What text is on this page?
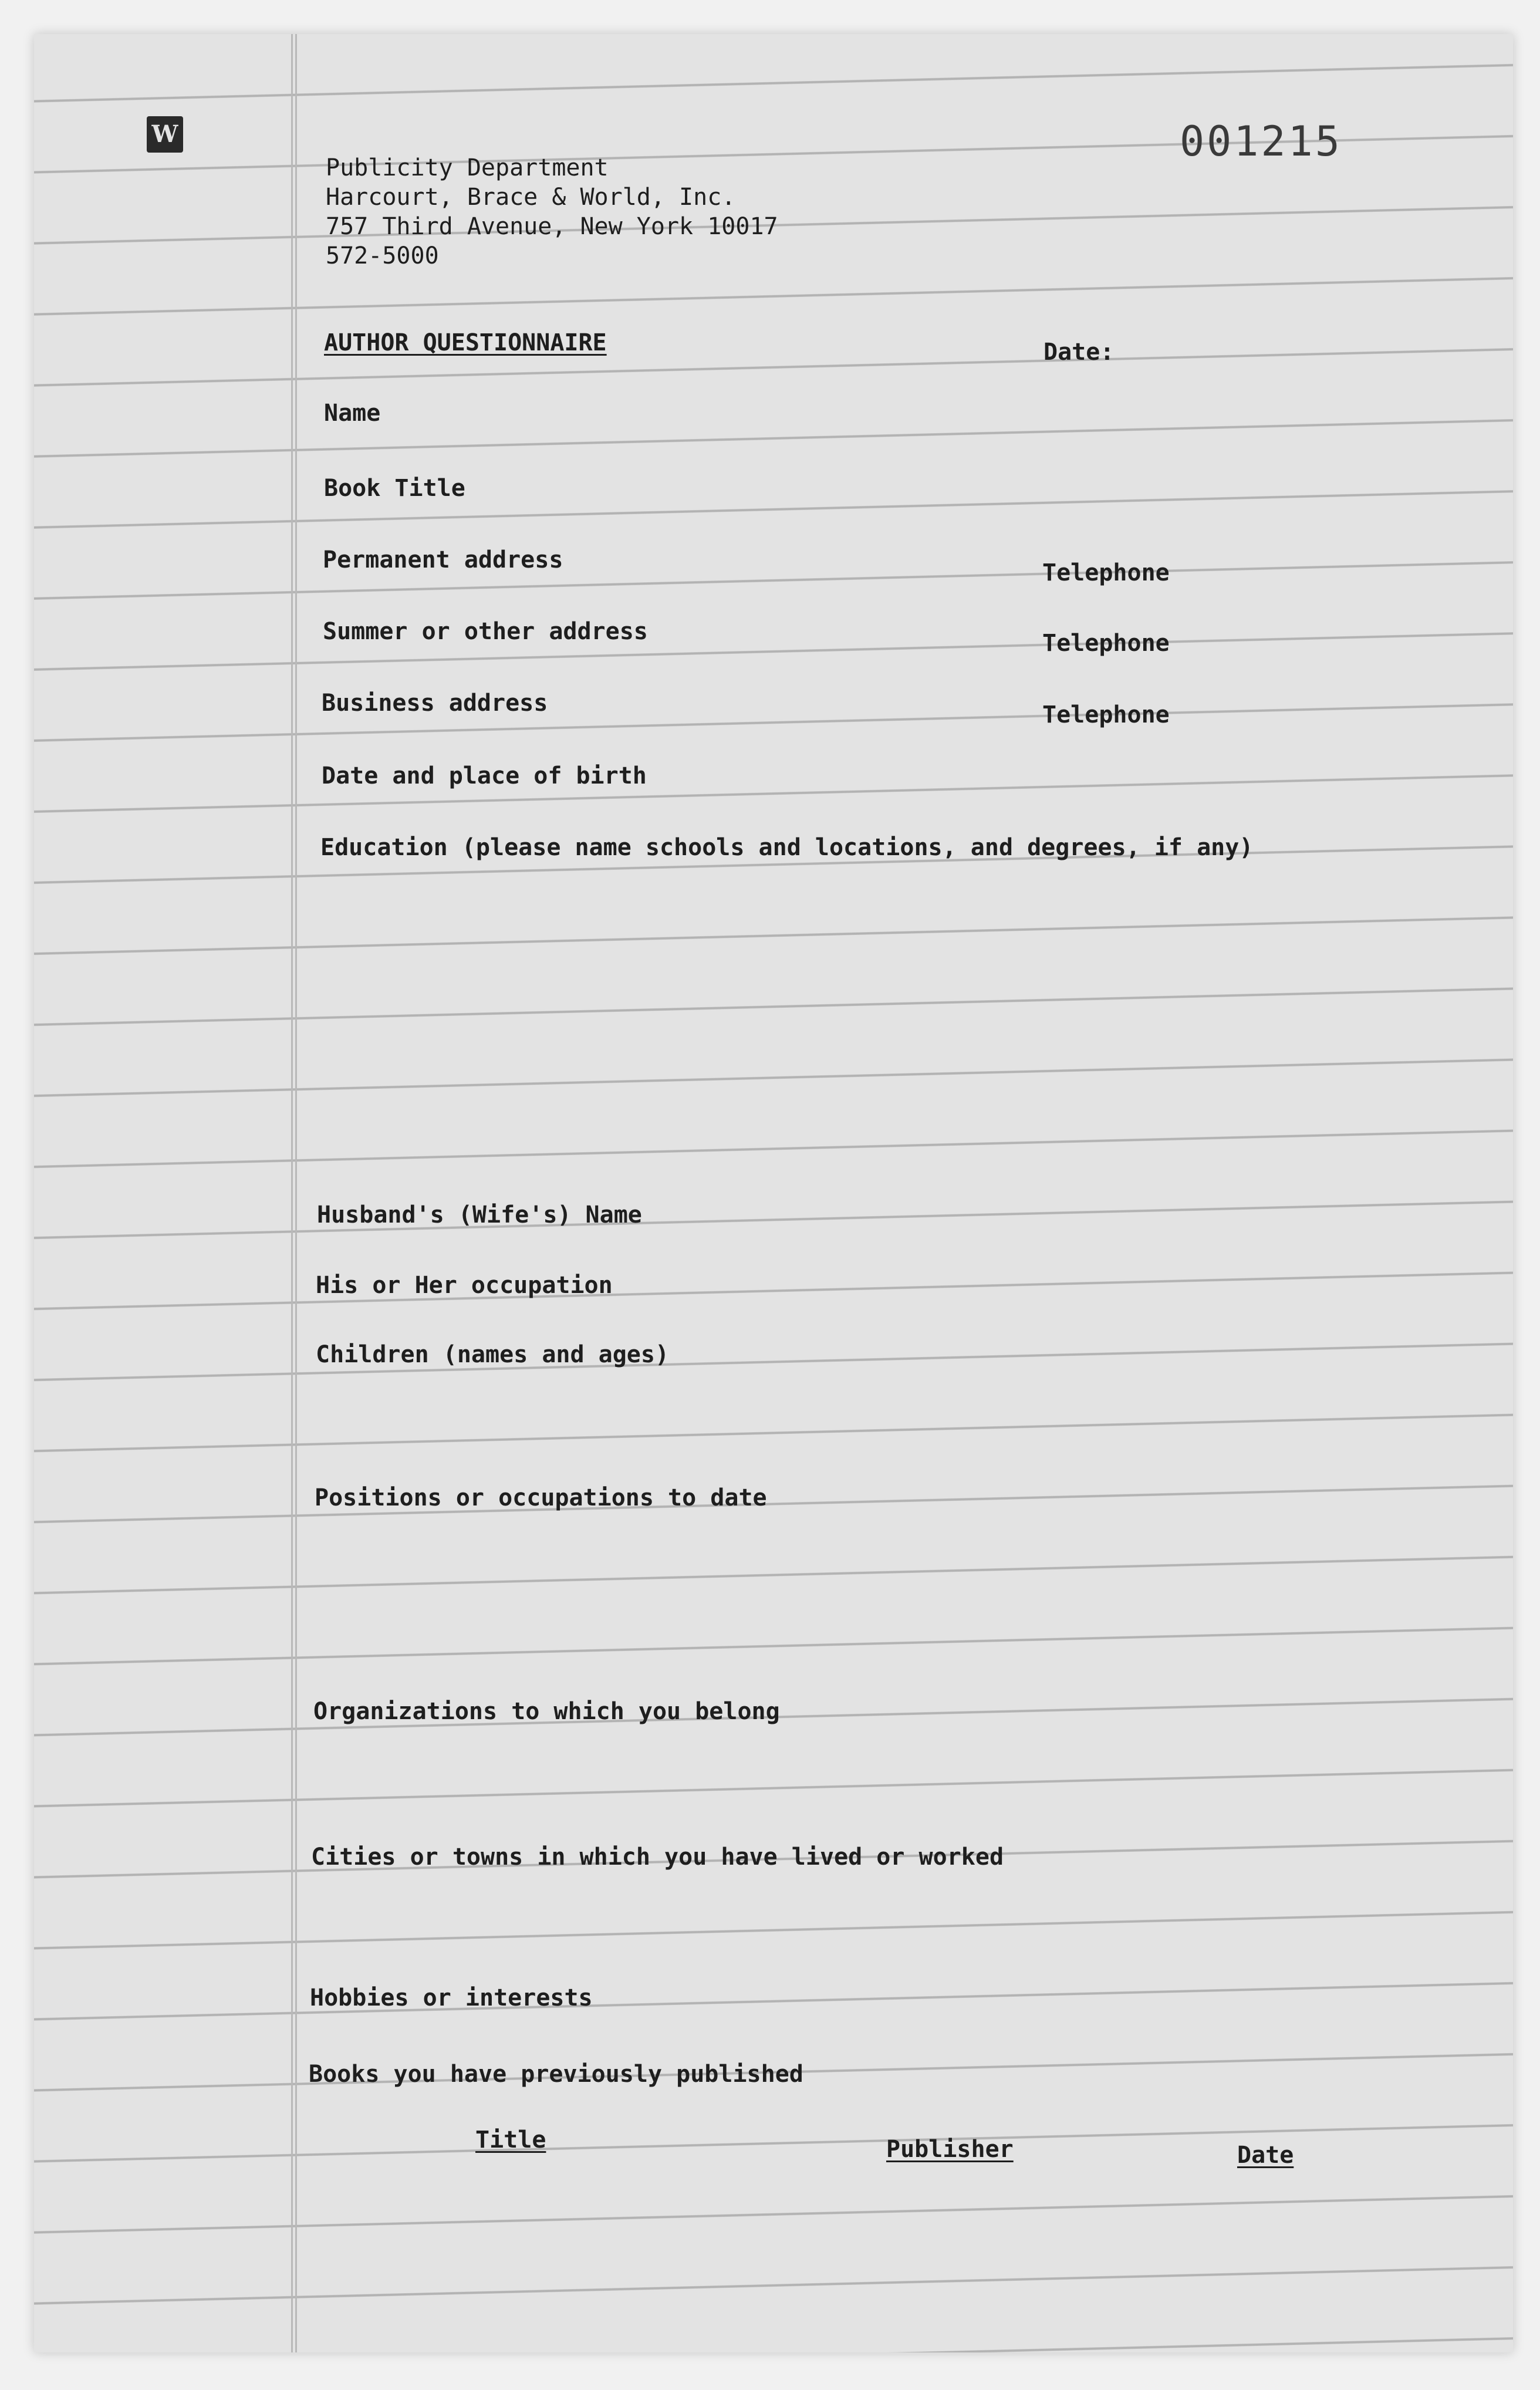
W
Publicity Department
Harcourt, Brace & World, Inc.
757 Third Avenue, New York 10017
572-5000
001215
AUTHOR QUESTIONNAIRE	Date:
Name
Book Title
Permanent address	Telephone
Summer or other address	Telephone
Business address	Telephone
Date and place of birth
Education (please name schools and locations, and degrees, if any)
Husband's (Wife's) Name
His or Her occupation
Children (names and ages)
Positions or occupations to date
Organizations to which you belong
Cities or towns in which you have lived or worked
Hobbies or interests
Books you have previously published
Title	Publisher	Date
